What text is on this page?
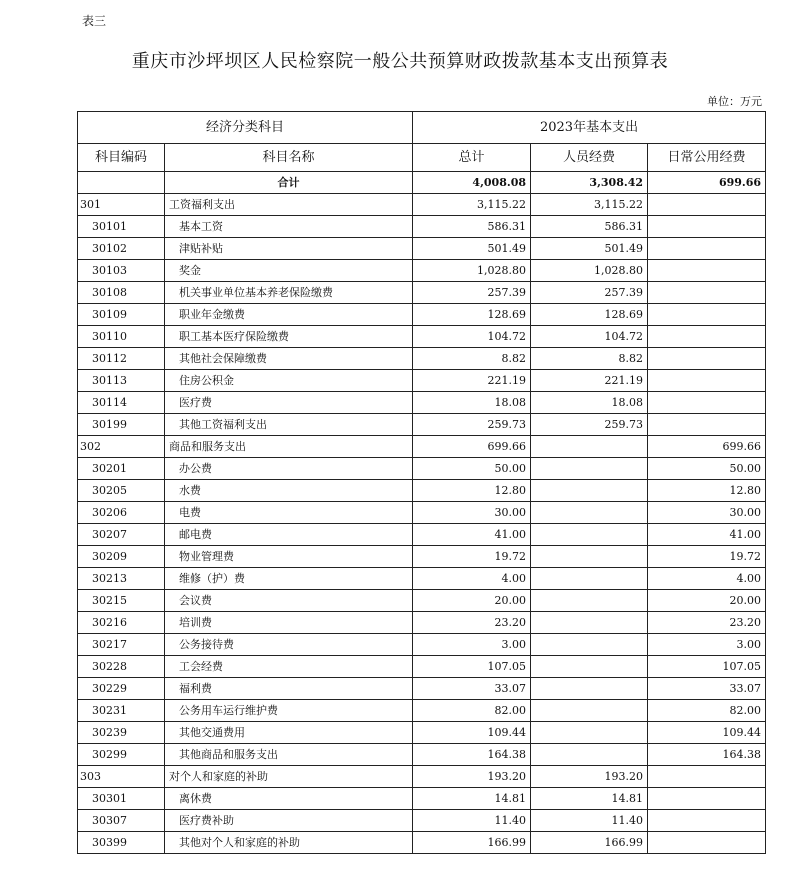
表三
重庆市沙坪坝区人民检察院一般公共预算财政拨款基本支出预算表
单位：万元
经济分类科目		2023年基本支出		
科目编码	科目名称	总计	人员经费	日常公用经费
	合计	4,008.08	3,308.42	699.66
301	工资福利支出	3,115.22	3,115.22	
30101	基本工资	586.31	586.31	
30102	津贴补贴	501.49	501.49	
30103	奖金	1,028.80	1,028.80	
30108	机关事业单位基本养老保险缴费	257.39	257.39	
30109	职业年金缴费	128.69	128.69	
30110	职工基本医疗保险缴费	104.72	104.72	
30112	其他社会保障缴费	8.82	8.82	
30113	住房公积金	221.19	221.19	
30114	医疗费	18.08	18.08	
30199	其他工资福利支出	259.73	259.73	
302	商品和服务支出	699.66		699.66
30201	办公费	50.00		50.00
30205	水费	12.80		12.80
30206	电费	30.00		30.00
30207	邮电费	41.00		41.00
30209	物业管理费	19.72		19.72
30213	维修（护）费	4.00		4.00
30215	会议费	20.00		20.00
30216	培训费	23.20		23.20
30217	公务接待费	3.00		3.00
30228	工会经费	107.05		107.05
30229	福利费	33.07		33.07
30231	公务用车运行维护费	82.00		82.00
30239	其他交通费用	109.44		109.44
30299	其他商品和服务支出	164.38		164.38
303	对个人和家庭的补助	193.20	193.20	
30301	离休费	14.81	14.81	
30307	医疗费补助	11.40	11.40	
30399	其他对个人和家庭的补助	166.99	166.99	
